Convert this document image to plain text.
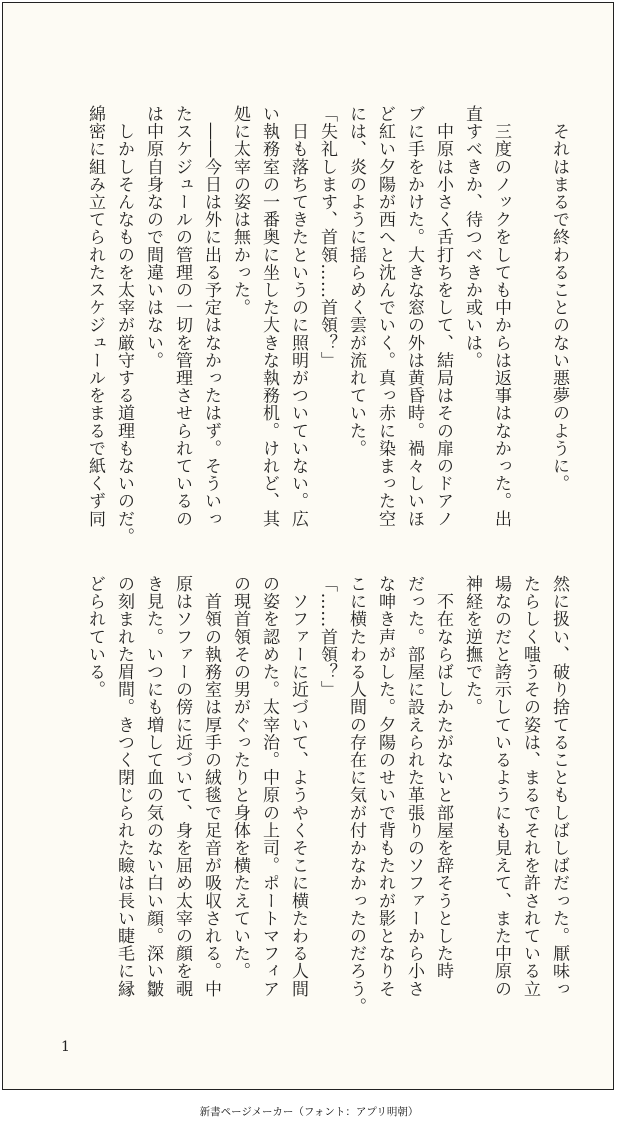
　それはまるで終わることのない悪夢のように。

　三度のノックをしても中からは返事はなかった。出
直すべきか、待つべきか或いは。
　中原は小さく舌打ちをして、結局はその扉のドアノ
ブに手をかけた。大きな窓の外は黄昏時。禍々しいほ
ど紅い夕陽が西へと沈んでいく。真っ赤に染まった空
には、炎のように揺らめく雲が流れていた。
「失礼します、首領……首領？」
　日も落ちてきたというのに照明がついていない。広
い執務室の一番奥に坐した大きな執務机。けれど、其
処に太宰の姿は無かった。
　――今日は外に出る予定はなかったはず。そういっ
たスケジュールの管理の一切を管理させられているの
は中原自身なので間違いはない。
　しかしそんなものを太宰が厳守する道理もないのだ。
綿密に組み立てられたスケジュールをまるで紙くず同
然に扱い、破り捨てることもしばしばだった。厭味っ
たらしく嗤うその姿は、まるでそれを許されている立
場なのだと誇示しているようにも見えて、また中原の
神経を逆撫でた。
　不在ならばしかたがないと部屋を辞そうとした時
だった。部屋に設えられた革張りのソファーから小さ
な呻き声がした。夕陽のせいで背もたれが影となりそ
こに横たわる人間の存在に気が付かなかったのだろう。
「……首領？」
　ソファーに近づいて、ようやくそこに横たわる人間
の姿を認めた。太宰治。中原の上司。ポートマフィア
の現首領その男がぐったりと身体を横たえていた。
　首領の執務室は厚手の絨毯で足音が吸収される。中
原はソファーの傍に近づいて、身を屈め太宰の顔を覗
き見た。いつにも増して血の気のない白い顔。深い皺
の刻まれた眉間。きつく閉じられた瞼は長い睫毛に縁
どられている。
1
新書ページメーカー（フォント：アプリ明朝）
